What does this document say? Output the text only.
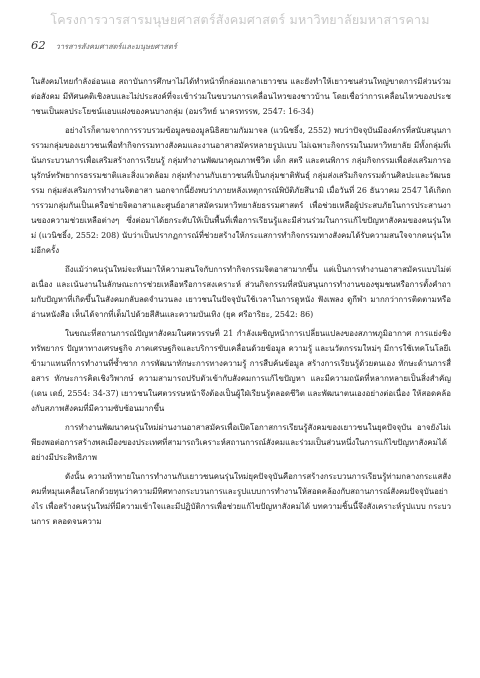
โครงการวารสารมนุษยศาสตร์สังคมศาสตร์ มหาวิทยาลัยมหาสารคาม
62 วารสารสังคมศาสตร์และมนุษยศาสตร์

ในสังคมไทยกำลังอ่อนแอ สถาบันการศึกษาไม่ได้ทำหน้าที่กล่อมเกลาเยาวชน และยังทำให้เยาวชนส่วนใหญ่ขาดการมีส่วนร่วมต่อสังคม มีทัศนคติเชิงลบและไม่ประสงค์ที่จะเข้าร่วมในขบวนการเคลื่อนไหวของชาวบ้าน โดยเชื่อว่าการเคลื่อนไหวของประชาชนเป็นผลประโยชน์แอบแฝงของคนบางกลุ่ม (อมรวิทย์ นาครทรรพ, 2547: 16-34)

อย่างไรก็ตามจากการรวบรวมข้อมูลของมูลนิธิสยามกัมมาจล (แวนิชธิ์ง, 2552) พบว่าปัจจุบันมีองค์กรที่สนับสนุนการรวมกลุ่มของเยาวชนเพื่อทำกิจกรรมทางสังคมและงานอาสาสมัครหลายรูปแบบ ไม่เฉพาะกิจกรรมในมหาวิทยาลัย มีทั้งกลุ่มที่เน้นกระบวนการเพื่อเสริมสร้างการเรียนรู้ กลุ่มทำงานพัฒนาคุณภาพชีวิต เด็ก สตรี และคนพิการ กลุ่มกิจกรรมเพื่อส่งเสริมการอนุรักษ์ทรัพยากรธรรมชาติและสิ่งแวดล้อม กลุ่มทำงานกับเยาวชนที่เป็นกลุ่มชาติพันธุ์ กลุ่มส่งเสริมกิจกรรมด้านศิลปะและวัฒนธรรม กลุ่มส่งเสริมการทำงานจิตอาสา นอกจากนี้ยังพบว่าภายหลังเหตุการณ์พิบัติภัยสึนามิ เมื่อวันที่ 26 ธันวาคม 2547 ได้เกิดการรวมกลุ่มกันเป็นเครือข่ายจิตอาสาและศูนย์อาสาสมัครมหาวิทยาลัยธรรมศาสตร์ เพื่อช่วยเหลือผู้ประสบภัยในการประสานงานของความช่วยเหลือต่างๆ ซึ่งต่อมาได้ยกระดับให้เป็นพื้นที่เพื่อการเรียนรู้และมีส่วนร่วมในการแก้ไขปัญหาสังคมของคนรุ่นใหม่ (แวนิชธิ์ง, 2552: 208) นับว่าเป็นปรากฏการณ์ที่ช่วยสร้างให้กระแสการทำกิจกรรมทางสังคมได้รับความสนใจจากคนรุ่นใหม่อีกครั้ง

ถึงแม้ว่าคนรุ่นใหม่จะหันมาให้ความสนใจกับการทำกิจกรรมจิตอาสามากขึ้น แต่เป็นการทำงานอาสาสมัครแบบไม่ต่อเนื่อง และเน้นงานในลักษณะการช่วยเหลือหรือการสงเคราะห์ ส่วนกิจกรรมที่สนับสนุนการทำงานของชุมชนหรือการตั้งคำถามกับปัญหาที่เกิดขึ้นในสังคมกลับลดจำนวนลง เยาวชนในปัจจุบันใช้เวลาในการดูหนัง ฟังเพลง ดูกีฬา มากกว่าการติดตามหรืออ่านหนังสือ เห็นได้จากที่เต็มไปด้วยสีสันและความบันเทิง (ยุค ศรีอาริยะ, 2542: 86)

ในขณะที่สถานการณ์ปัญหาสังคมในศตวรรษที่ 21 กำลังเผชิญหน้าการเปลี่ยนแปลงของสภาพภูมิอากาศ การแย่งชิงทรัพยากร ปัญหาทางเศรษฐกิจ ภาคเศรษฐกิจและบริการขับเคลื่อนด้วยข้อมูล ความรู้ และนวัตกรรมใหม่ๆ มีการใช้เทคโนโลยีเข้ามาแทนที่การทำงานที่ซ้ำซาก การพัฒนาทักษะการทางความรู้ การสืบค้นข้อมูล สร้างการเรียนรู้ด้วยตนเอง ทักษะด้านการสื่อสาร ทักษะการคิดเชิงวิพากษ์ ความสามารถปรับตัวเข้ากับสังคมการแก้ไขปัญหา และมีความถนัดที่หลากหลายเป็นสิ่งสำคัญ (เดน เดย์, 2554: 34-37) เยาวชนในศตวรรษหน้าจึงต้องเป็นผู้ใฝ่เรียนรู้ตลอดชีวิต และพัฒนาตนเองอย่างต่อเนื่อง ให้สอดคล้องกับสภาพสังคมที่มีความซับซ้อนมากขึ้น

การทำงานพัฒนาคนรุ่นใหม่ผ่านงานอาสาสมัครเพื่อเปิดโอกาสการเรียนรู้สังคมของเยาวชนในยุคปัจจุบัน อาจยังไม่เพียงพอต่อการสร้างพลเมืองของประเทศที่สามารถวิเคราะห์สถานการณ์สังคมและร่วมเป็นส่วนหนึ่งในการแก้ไขปัญหาสังคมได้อย่างมีประสิทธิภาพ

ดังนั้น ความท้าทายในการทำงานกับเยาวชนคนรุ่นใหม่ยุคปัจจุบันคือการสร้างกระบวนการเรียนรู้ท่ามกลางกระแสสังคมที่หมุนเคลื่อนโลกด้วยทุนว่าความมีทิศทางกระบวนการและรูปแบบการทำงานให้สอดคล้องกับสถานการณ์สังคมปัจจุบันอย่างไร เพื่อสร้างคนรุ่นใหม่ที่มีความเข้าใจและมีปฏิบัติการเพื่อช่วยแก้ไขปัญหาสังคมได้ บทความชิ้นนี้จึงสังเคราะห์รูปแบบ กระบวนการ ตลอดจนความ
